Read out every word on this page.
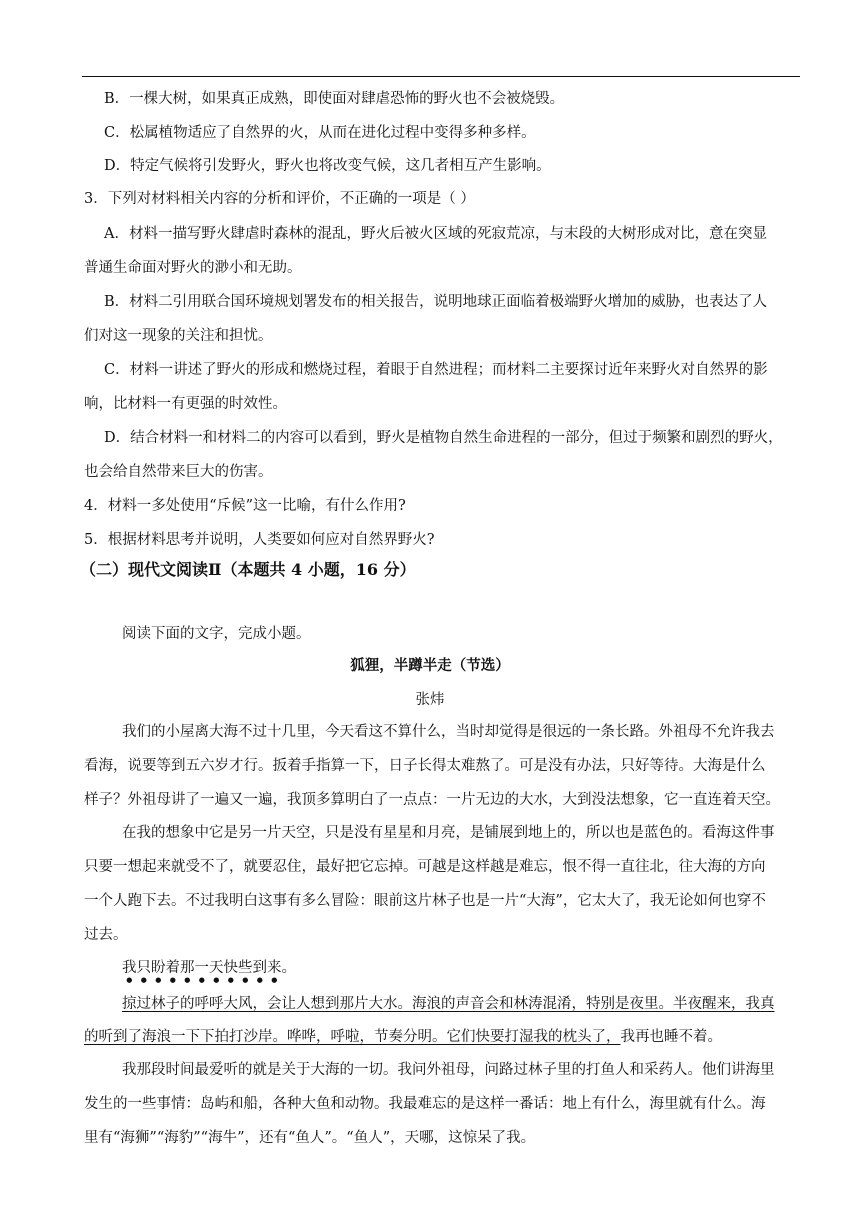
B．一棵大树，如果真正成熟，即使面对肆虐恐怖的野火也不会被烧毁。
C．松属植物适应了自然界的火，从而在进化过程中变得多种多样。
D．特定气候将引发野火，野火也将改变气候，这几者相互产生影响。
3．下列对材料相关内容的分析和评价，不正确的一项是（ ）
A．材料一描写野火肆虐时森林的混乱，野火后被火区域的死寂荒凉，与末段的大树形成对比，意在突显
普通生命面对野火的渺小和无助。
B．材料二引用联合国环境规划署发布的相关报告，说明地球正面临着极端野火增加的威胁，也表达了人
们对这一现象的关注和担忧。
C．材料一讲述了野火的形成和燃烧过程，着眼于自然进程；而材料二主要探讨近年来野火对自然界的影
响，比材料一有更强的时效性。
D．结合材料一和材料二的内容可以看到，野火是植物自然生命进程的一部分，但过于频繁和剧烈的野火，
也会给自然带来巨大的伤害。
4．材料一多处使用“斥候”这一比喻，有什么作用?
5．根据材料思考并说明，人类要如何应对自然界野火?
（二）现代文阅读Ⅱ（本题共 4 小题，16 分）
阅读下面的文字，完成小题。
狐狸，半蹲半走（节选）
张炜
我们的小屋离大海不过十几里，今天看这不算什么，当时却觉得是很远的一条长路。外祖母不允许我去
看海，说要等到五六岁才行。扳着手指算一下，日子长得太难熬了。可是没有办法，只好等待。大海是什么
样子？外祖母讲了一遍又一遍，我顶多算明白了一点点：一片无边的大水，大到没法想象，它一直连着天空。
在我的想象中它是另一片天空，只是没有星星和月亮，是铺展到地上的，所以也是蓝色的。看海这件事
只要一想起来就受不了，就要忍住，最好把它忘掉。可越是这样越是难忘，恨不得一直往北，往大海的方向
一个人跑下去。不过我明白这事有多么冒险：眼前这片林子也是一片“大海”，它太大了，我无论如何也穿不
过去。
我只盼着那一天快些到来。
掠过林子的呼呼大风，会让人想到那片大水。海浪的声音会和林涛混淆，特别是夜里。半夜醒来，我真
的听到了海浪一下下拍打沙岸。哗哗，呼啦，节奏分明。它们快要打湿我的枕头了，我再也睡不着。
我那段时间最爱听的就是关于大海的一切。我问外祖母，问路过林子里的打鱼人和采药人。他们讲海里
发生的一些事情：岛屿和船，各种大鱼和动物。我最难忘的是这样一番话：地上有什么，海里就有什么。海
里有“海狮”“海豹”“海牛”，还有“鱼人”。“鱼人”，天哪，这惊呆了我。
